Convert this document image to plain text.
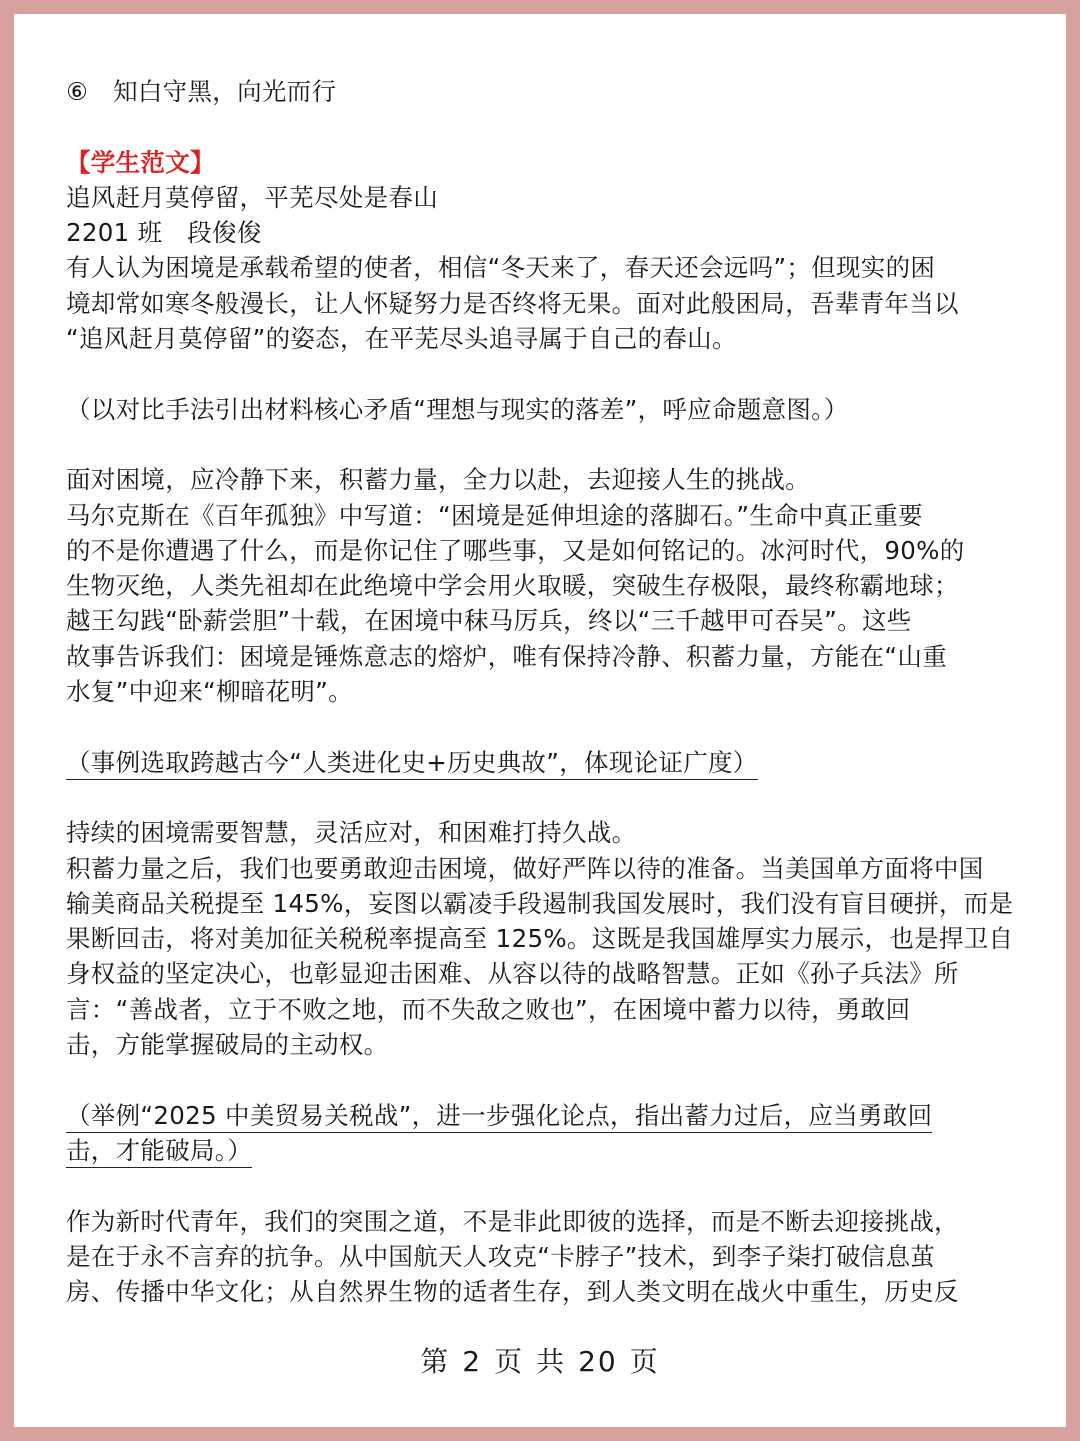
⑥　知白守黑，向光而行
【学生范文】
追风赶月莫停留，平芜尽处是春山
2201 班　段俊俊
有人认为困境是承载希望的使者，相信“冬天来了，春天还会远吗”；但现实的困
境却常如寒冬般漫长，让人怀疑努力是否终将无果。面对此般困局，吾辈青年当以
“追风赶月莫停留”的姿态，在平芜尽头追寻属于自己的春山。
（以对比手法引出材料核心矛盾“理想与现实的落差”，呼应命题意图。）
面对困境，应冷静下来，积蓄力量，全力以赴，去迎接人生的挑战。
马尔克斯在《百年孤独》中写道：“困境是延伸坦途的落脚石。”生命中真正重要
的不是你遭遇了什么，而是你记住了哪些事，又是如何铭记的。冰河时代，90%的
生物灭绝，人类先祖却在此绝境中学会用火取暖，突破生存极限，最终称霸地球；
越王勾践“卧薪尝胆”十载，在困境中秣马厉兵，终以“三千越甲可吞吴”。这些
故事告诉我们：困境是锤炼意志的熔炉，唯有保持冷静、积蓄力量，方能在“山重
水复”中迎来“柳暗花明”。
（事例选取跨越古今“人类进化史+历史典故”，体现论证广度）
持续的困境需要智慧，灵活应对，和困难打持久战。
积蓄力量之后，我们也要勇敢迎击困境，做好严阵以待的准备。当美国单方面将中国
输美商品关税提至 145%，妄图以霸凌手段遏制我国发展时，我们没有盲目硬拼，而是
果断回击，将对美加征关税税率提高至 125%。这既是我国雄厚实力展示，也是捍卫自
身权益的坚定决心，也彰显迎击困难、从容以待的战略智慧。正如《孙子兵法》所
言：“善战者，立于不败之地，而不失敌之败也”，在困境中蓄力以待，勇敢回
击，方能掌握破局的主动权。
（举例“2025 中美贸易关税战”，进一步强化论点，指出蓄力过后，应当勇敢回
击，才能破局。）
作为新时代青年，我们的突围之道，不是非此即彼的选择，而是不断去迎接挑战，
是在于永不言弃的抗争。从中国航天人攻克“卡脖子”技术，到李子柒打破信息茧
房、传播中华文化；从自然界生物的适者生存，到人类文明在战火中重生，历史反
第 2 页 共 20 页
